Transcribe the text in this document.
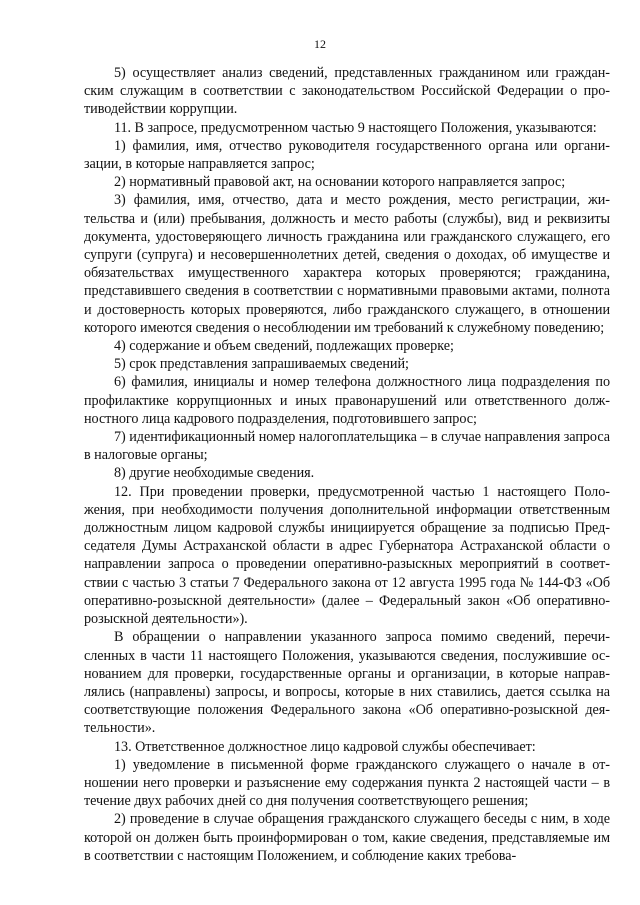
12

5) осуществляет анализ сведений, представленных гражданином или гражданским служащим в соответствии с законодательством Российской Федерации о противодействии коррупции.

11. В запросе, предусмотренном частью 9 настоящего Положения, указываются:

1) фамилия, имя, отчество руководителя государственного органа или организации, в которые направляется запрос;

2) нормативный правовой акт, на основании которого направляется запрос;

3) фамилия, имя, отчество, дата и место рождения, место регистрации, жительства и (или) пребывания, должность и место работы (службы), вид и реквизиты документа, удостоверяющего личность гражданина или гражданского служащего, его супруги (супруга) и несовершеннолетних детей, сведения о доходах, об имуществе и обязательствах имущественного характера которых проверяются; гражданина, представившего сведения в соответствии с нормативными правовыми актами, полнота и достоверность которых проверяются, либо гражданского служащего, в отношении которого имеются сведения о несоблюдении им требований к служебному поведению;

4) содержание и объем сведений, подлежащих проверке;

5) срок представления запрашиваемых сведений;

6) фамилия, инициалы и номер телефона должностного лица подразделения по профилактике коррупционных и иных правонарушений или ответственного должностного лица кадрового подразделения, подготовившего запрос;

7) идентификационный номер налогоплательщика – в случае направления запроса в налоговые органы;

8) другие необходимые сведения.

12. При проведении проверки, предусмотренной частью 1 настоящего Положения, при необходимости получения дополнительной информации ответственным должностным лицом кадровой службы инициируется обращение за подписью Председателя Думы Астраханской области в адрес Губернатора Астраханской области о направлении запроса о проведении оперативно-разыскных мероприятий в соответствии с частью 3 статьи 7 Федерального закона от 12 августа 1995 года № 144-ФЗ «Об оперативно-розыскной деятельности» (далее – Федеральный закон «Об оперативно-розыскной деятельности»).

В обращении о направлении указанного запроса помимо сведений, перечисленных в части 11 настоящего Положения, указываются сведения, послужившие основанием для проверки, государственные органы и организации, в которые направлялись (направлены) запросы, и вопросы, которые в них ставились, дается ссылка на соответствующие положения Федерального закона «Об оперативно-розыскной деятельности».

13. Ответственное должностное лицо кадровой службы обеспечивает:

1) уведомление в письменной форме гражданского служащего о начале в отношении него проверки и разъяснение ему содержания пункта 2 настоящей части – в течение двух рабочих дней со дня получения соответствующего решения;

2) проведение в случае обращения гражданского служащего беседы с ним, в ходе которой он должен быть проинформирован о том, какие сведения, представляемые им в соответствии с настоящим Положением, и соблюдение каких требова-
